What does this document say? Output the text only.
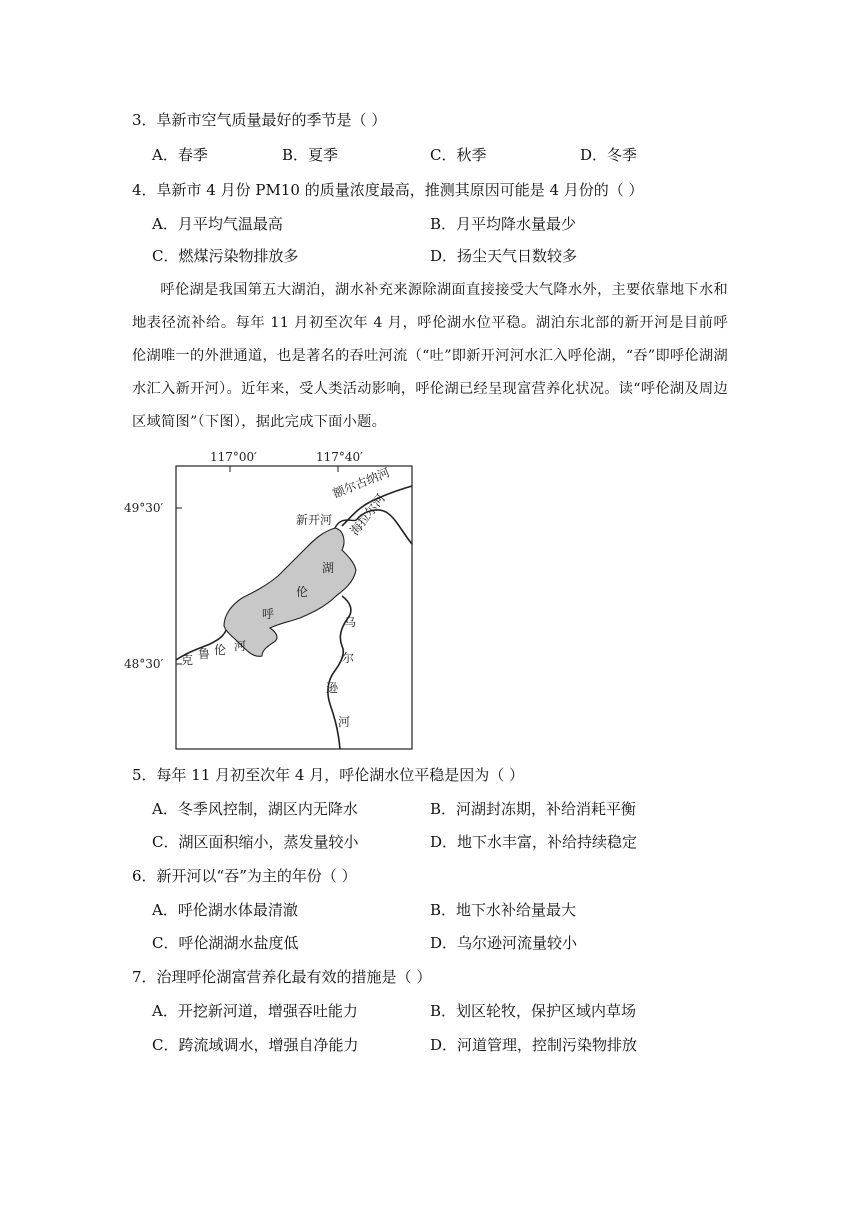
3．阜新市空气质量最好的季节是（ ）
A．春季	B．夏季	C．秋季	D．冬季
4．阜新市 4 月份 PM10 的质量浓度最高，推测其原因可能是 4 月份的（ ）
A．月平均气温最高	B．月平均降水量最少
C．燃煤污染物排放多	D．扬尘天气日数较多
呼伦湖是我国第五大湖泊，湖水补充来源除湖面直接接受大气降水外，主要依靠地下水和地表径流补给。每年 11 月初至次年 4 月，呼伦湖水位平稳。湖泊东北部的新开河是目前呼伦湖唯一的外泄通道，也是著名的吞吐河流（“吐”即新开河河水汇入呼伦湖，“吞”即呼伦湖湖水汇入新开河）。近年来，受人类活动影响，呼伦湖已经呈现富营养化状况。读“呼伦湖及周边区域简图”（下图），据此完成下面小题。
117°00′	117°40′
49°30′
48°30′
额尔古纳河
新开河 海拉尔河
湖
伦
呼
克 鲁 伦 河
乌
尔
逊
河
5．每年 11 月初至次年 4 月，呼伦湖水位平稳是因为（ ）
A．冬季风控制，湖区内无降水	B．河湖封冻期，补给消耗平衡
C．湖区面积缩小，蒸发量较小	D．地下水丰富，补给持续稳定
6．新开河以“吞”为主的年份（ ）
A．呼伦湖水体最清澈	B．地下水补给量最大
C．呼伦湖湖水盐度低	D．乌尔逊河流量较小
7．治理呼伦湖富营养化最有效的措施是（ ）
A．开挖新河道，增强吞吐能力	B．划区轮牧，保护区域内草场
C．跨流域调水，增强自净能力	D．河道管理，控制污染物排放
